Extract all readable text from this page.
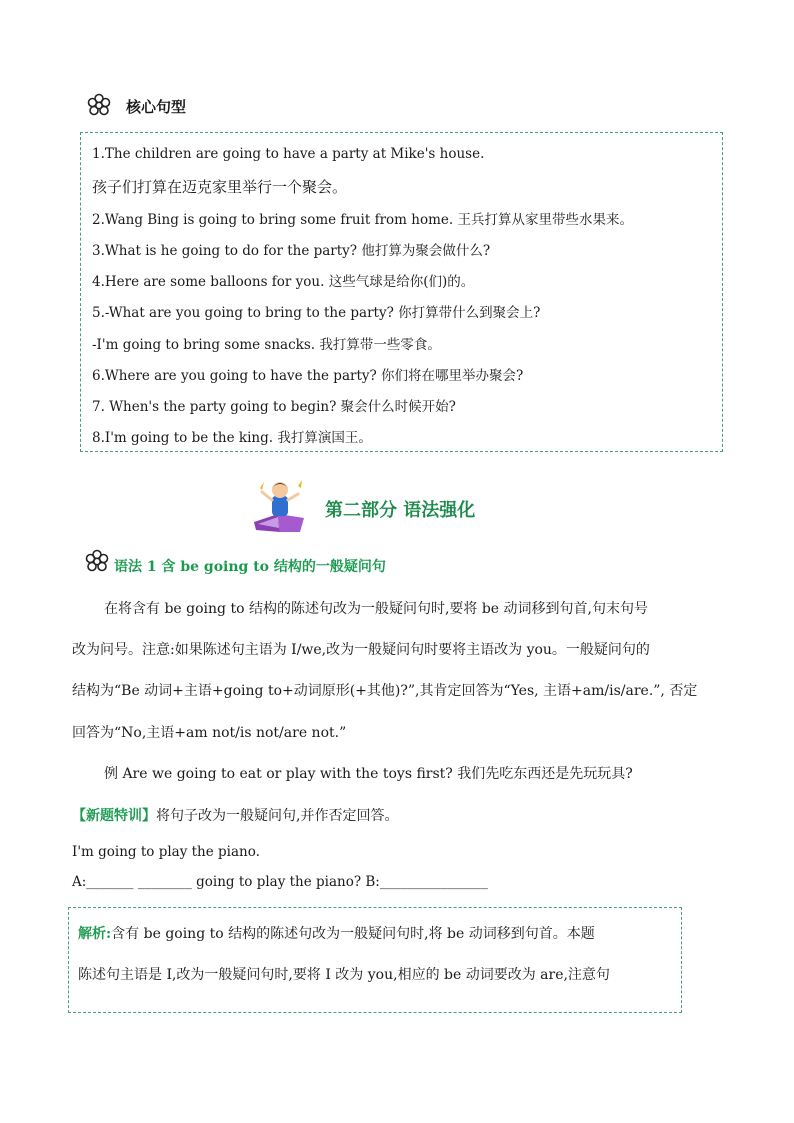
核心句型
1.The children are going to have a party at Mike's house.
孩子们打算在迈克家里举行一个聚会。
2.Wang Bing is going to bring some fruit from home. 王兵打算从家里带些水果来。
3.What is he going to do for the party? 他打算为聚会做什么?
4.Here are some balloons for you. 这些气球是给你(们)的。
5.-What are you going to bring to the party? 你打算带什么到聚会上?
-I'm going to bring some snacks. 我打算带一些零食。
6.Where are you going to have the party? 你们将在哪里举办聚会?
7. When's the party going to begin? 聚会什么时候开始?
8.I'm going to be the king. 我打算演国王。
第二部分 语法强化
语法 1 含 be going to 结构的一般疑问句
在将含有 be going to 结构的陈述句改为一般疑问句时,要将 be 动词移到句首,句末句号
改为问号。注意:如果陈述句主语为 I/we,改为一般疑问句时要将主语改为 you。一般疑问句的
结构为“Be 动词+主语+going to+动词原形(+其他)?”,其肯定回答为“Yes, 主语+am/is/are.”, 否定
回答为“No,主语+am not/is not/are not.”
例 Are we going to eat or play with the toys first? 我们先吃东西还是先玩玩具?
【新题特训】将句子改为一般疑问句,并作否定回答。
I'm going to play the piano.
A:_______ ________ going to play the piano? B:________________
解析:含有 be going to 结构的陈述句改为一般疑问句时,将 be 动词移到句首。本题
陈述句主语是 I,改为一般疑问句时,要将 I 改为 you,相应的 be 动词要改为 are,注意句
